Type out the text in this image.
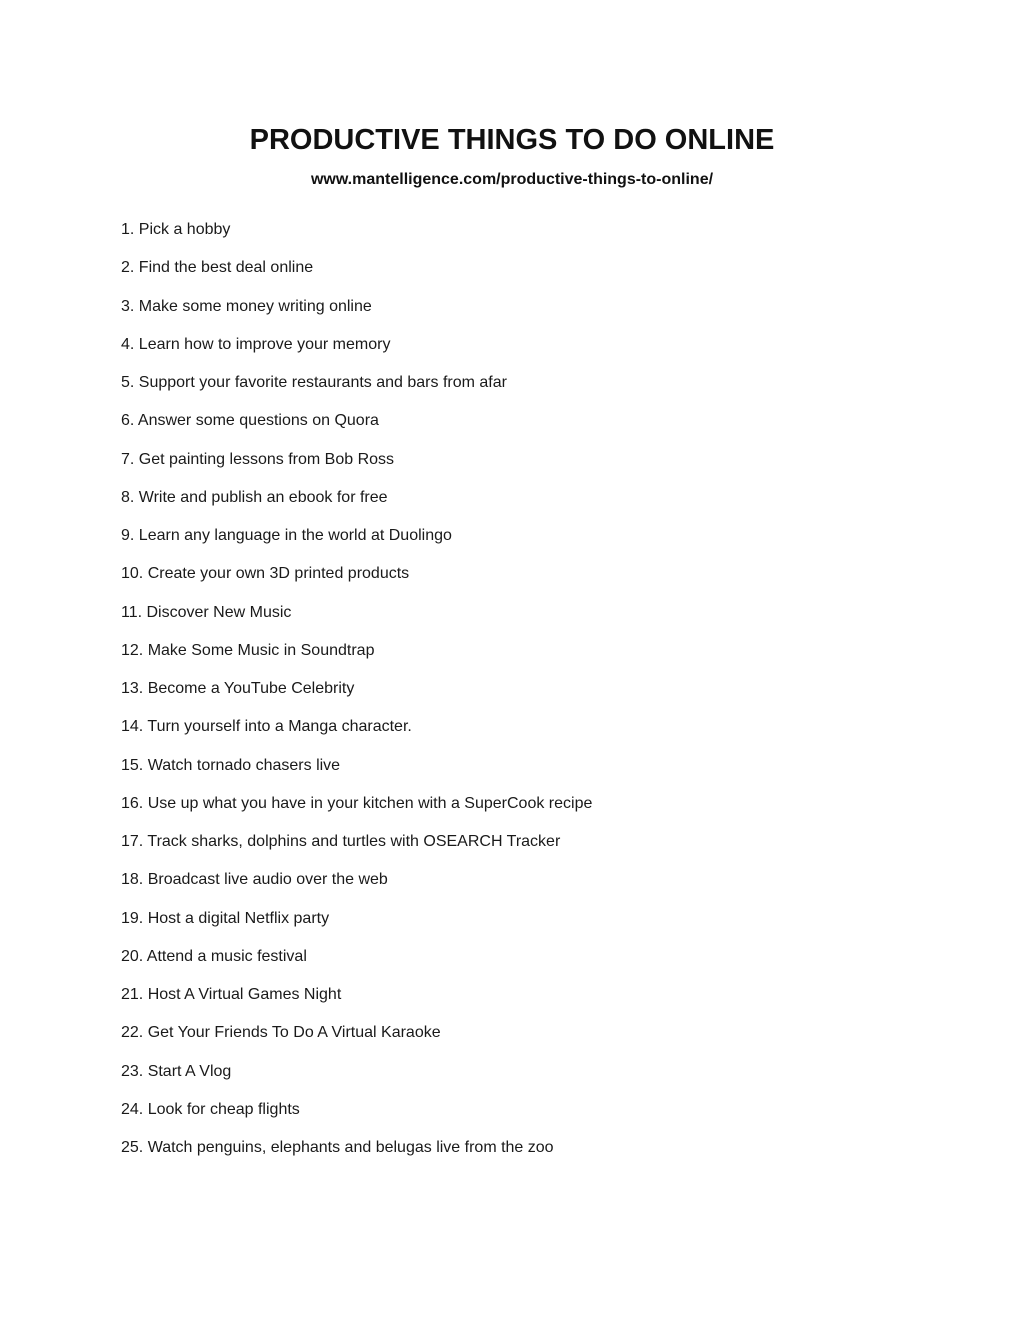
PRODUCTIVE THINGS TO DO ONLINE
www.mantelligence.com/productive-things-to-online/
1. Pick a hobby
2. Find the best deal online
3. Make some money writing online
4. Learn how to improve your memory
5. Support your favorite restaurants and bars from afar
6. Answer some questions on Quora
7. Get painting lessons from Bob Ross
8. Write and publish an ebook for free
9. Learn any language in the world at Duolingo
10. Create your own 3D printed products
11. Discover New Music
12. Make Some Music in Soundtrap
13. Become a YouTube Celebrity
14. Turn yourself into a Manga character.
15. Watch tornado chasers live
16. Use up what you have in your kitchen with a SuperCook recipe
17. Track sharks, dolphins and turtles with OSEARCH Tracker
18. Broadcast live audio over the web
19. Host a digital Netflix party
20. Attend a music festival
21. Host A Virtual Games Night
22. Get Your Friends To Do A Virtual Karaoke
23. Start A Vlog
24. Look for cheap flights
25. Watch penguins, elephants and belugas live from the zoo
